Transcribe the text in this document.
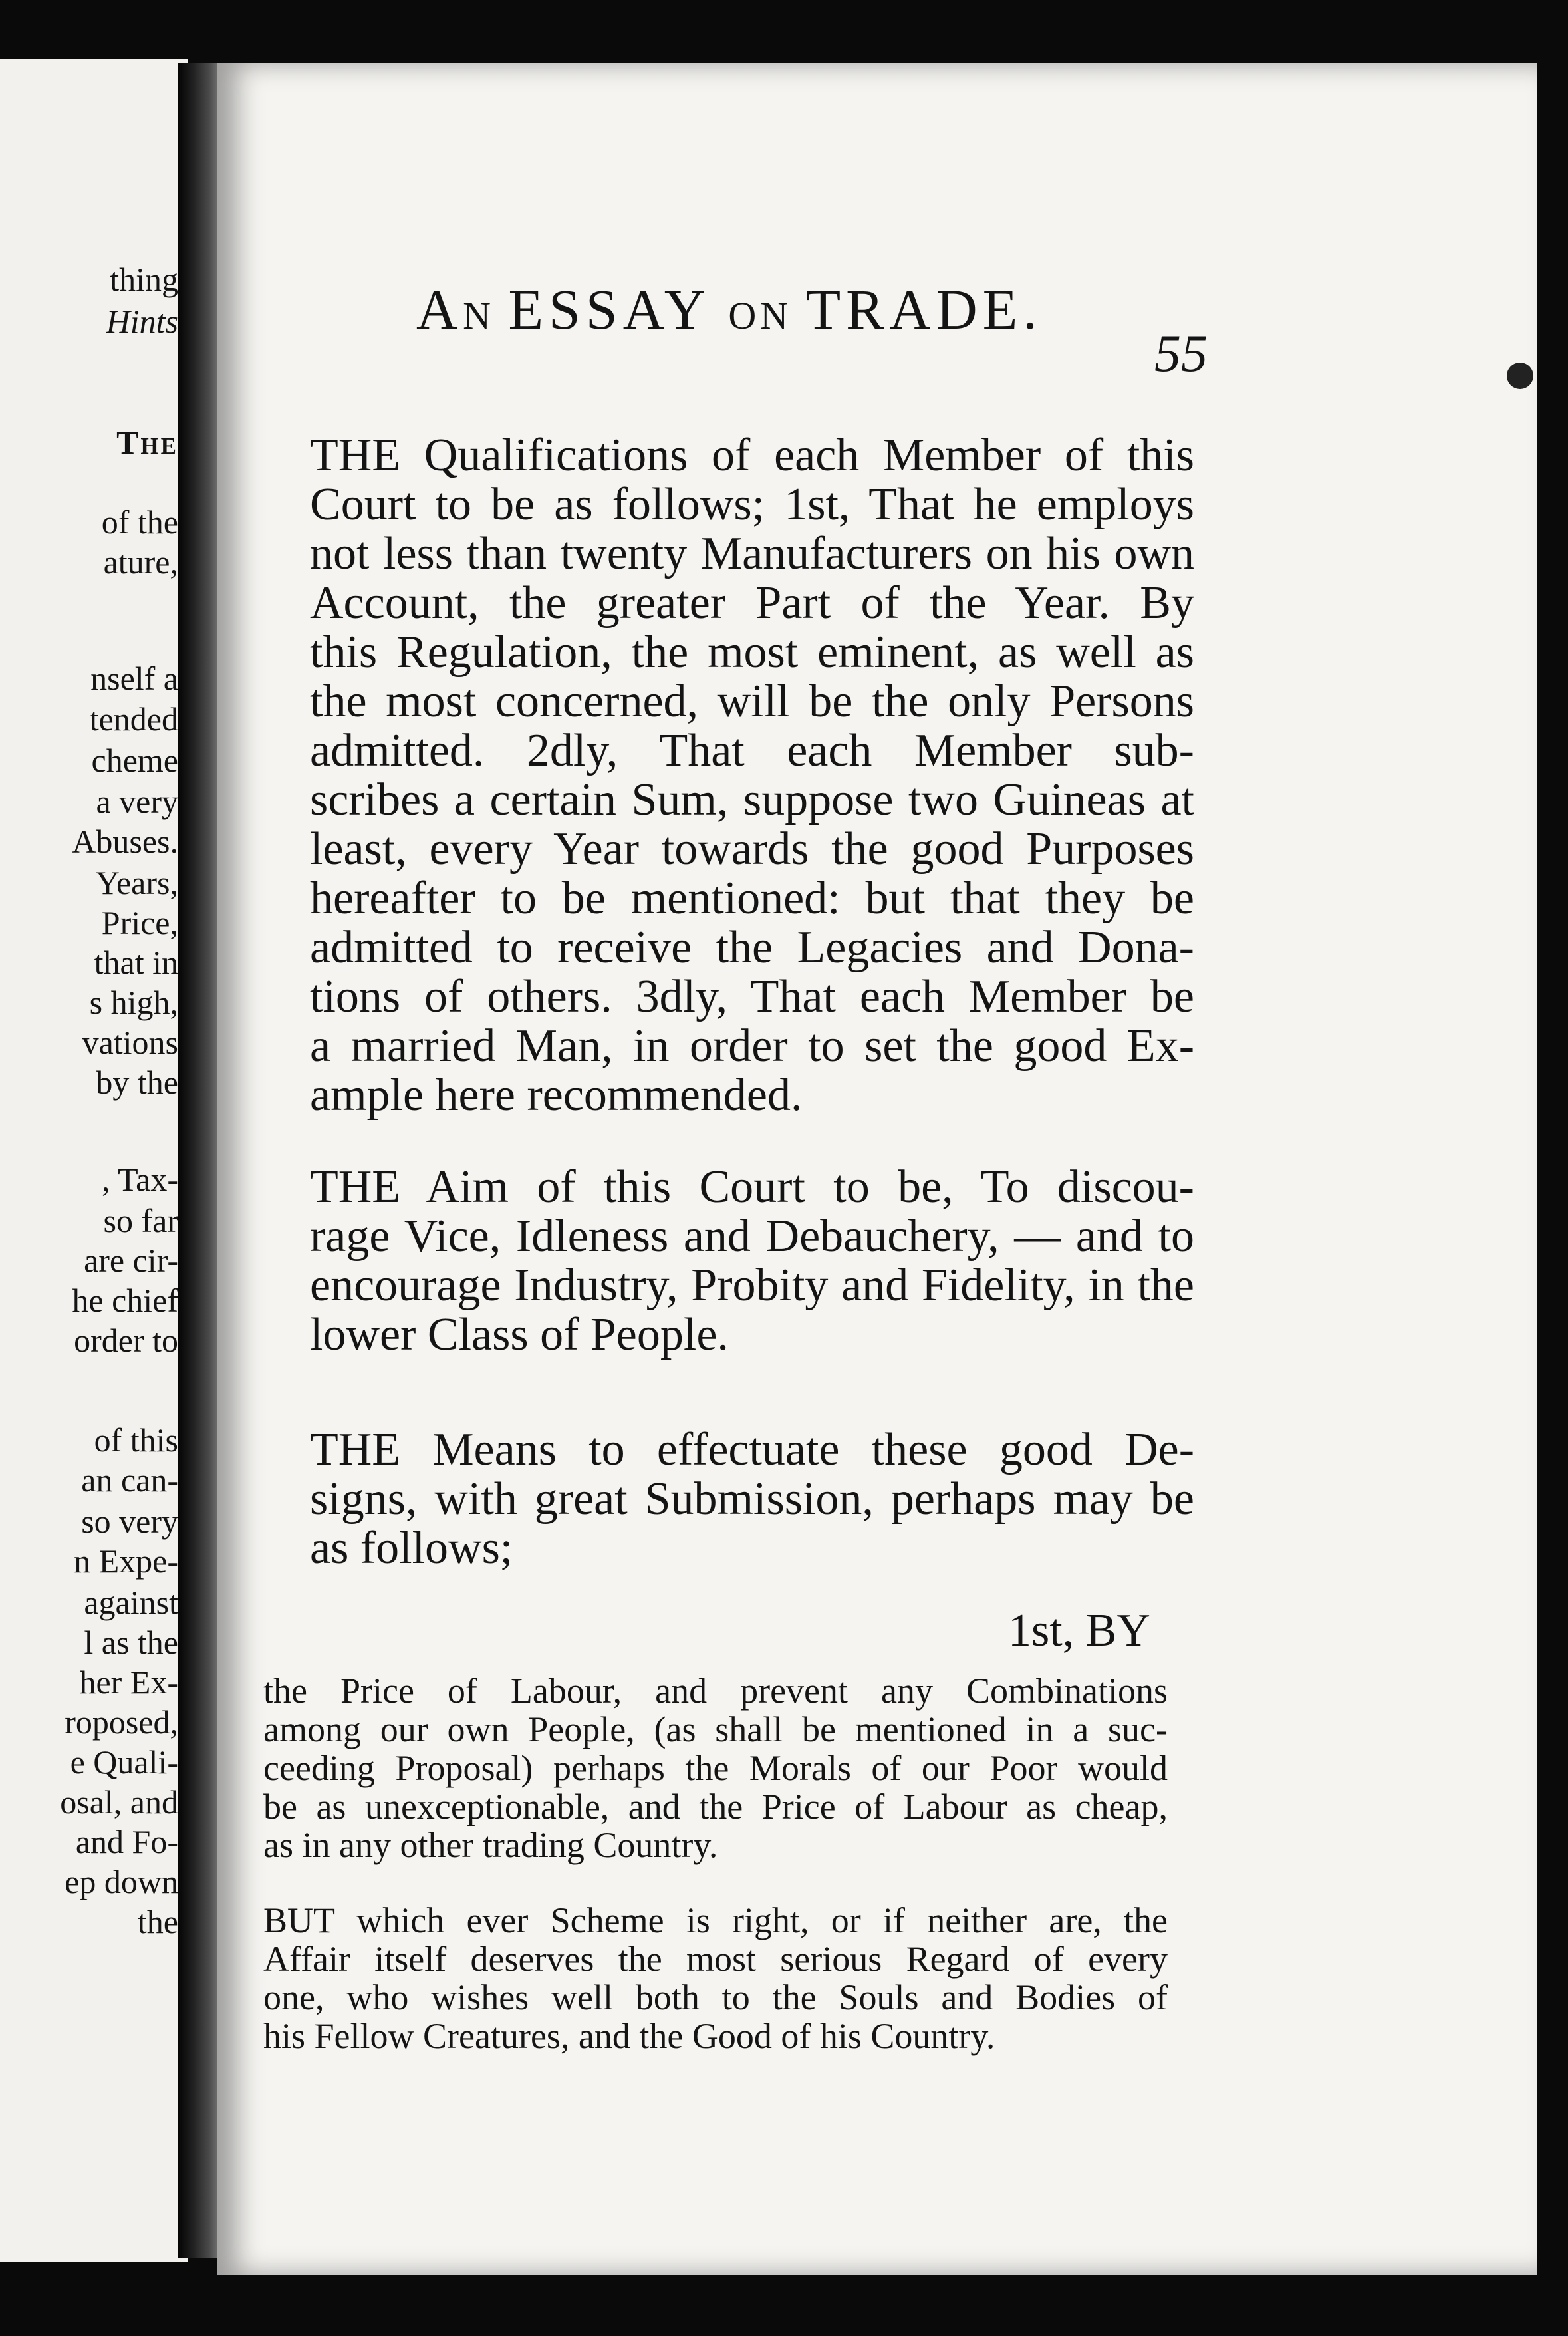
thing
Hints
The
of the
ature,
nself a
tended
cheme
a very
Abuses.
Years,
Price,
that in
s high,
vations
by the
, Tax-
so far
are cir-
he chief
order to
of this
an can-
so very
n Expe-
against
l as the
her Ex-
roposed,
e Quali-
osal, and
and Fo-
ep down
the
AN ESSAY ON TRADE.
55
THE Qualifications of each Member of this
Court to be as follows; 1st, That he employs
not less than twenty Manufacturers on his own
Account, the greater Part of the Year. By
this Regulation, the most eminent, as well as
the most concerned, will be the only Persons
admitted. 2dly, That each Member sub-
scribes a certain Sum, suppose two Guineas at
least, every Year towards the good Purposes
hereafter to be mentioned: but that they be
admitted to receive the Legacies and Dona-
tions of others. 3dly, That each Member be
a married Man, in order to set the good Ex-
ample here recommended.
THE Aim of this Court to be, To discou-
rage Vice, Idleness and Debauchery, — and to
encourage Industry, Probity and Fidelity, in the
lower Class of People.
THE Means to effectuate these good De-
signs, with great Submission, perhaps may be
as follows;
1st, BY
the Price of Labour, and prevent any Combinations
among our own People, (as shall be mentioned in a suc-
ceeding Proposal) perhaps the Morals of our Poor would
be as unexceptionable, and the Price of Labour as cheap,
as in any other trading Country.
BUT which ever Scheme is right, or if neither are, the
Affair itself deserves the most serious Regard of every
one, who wishes well both to the Souls and Bodies of
his Fellow Creatures, and the Good of his Country.
